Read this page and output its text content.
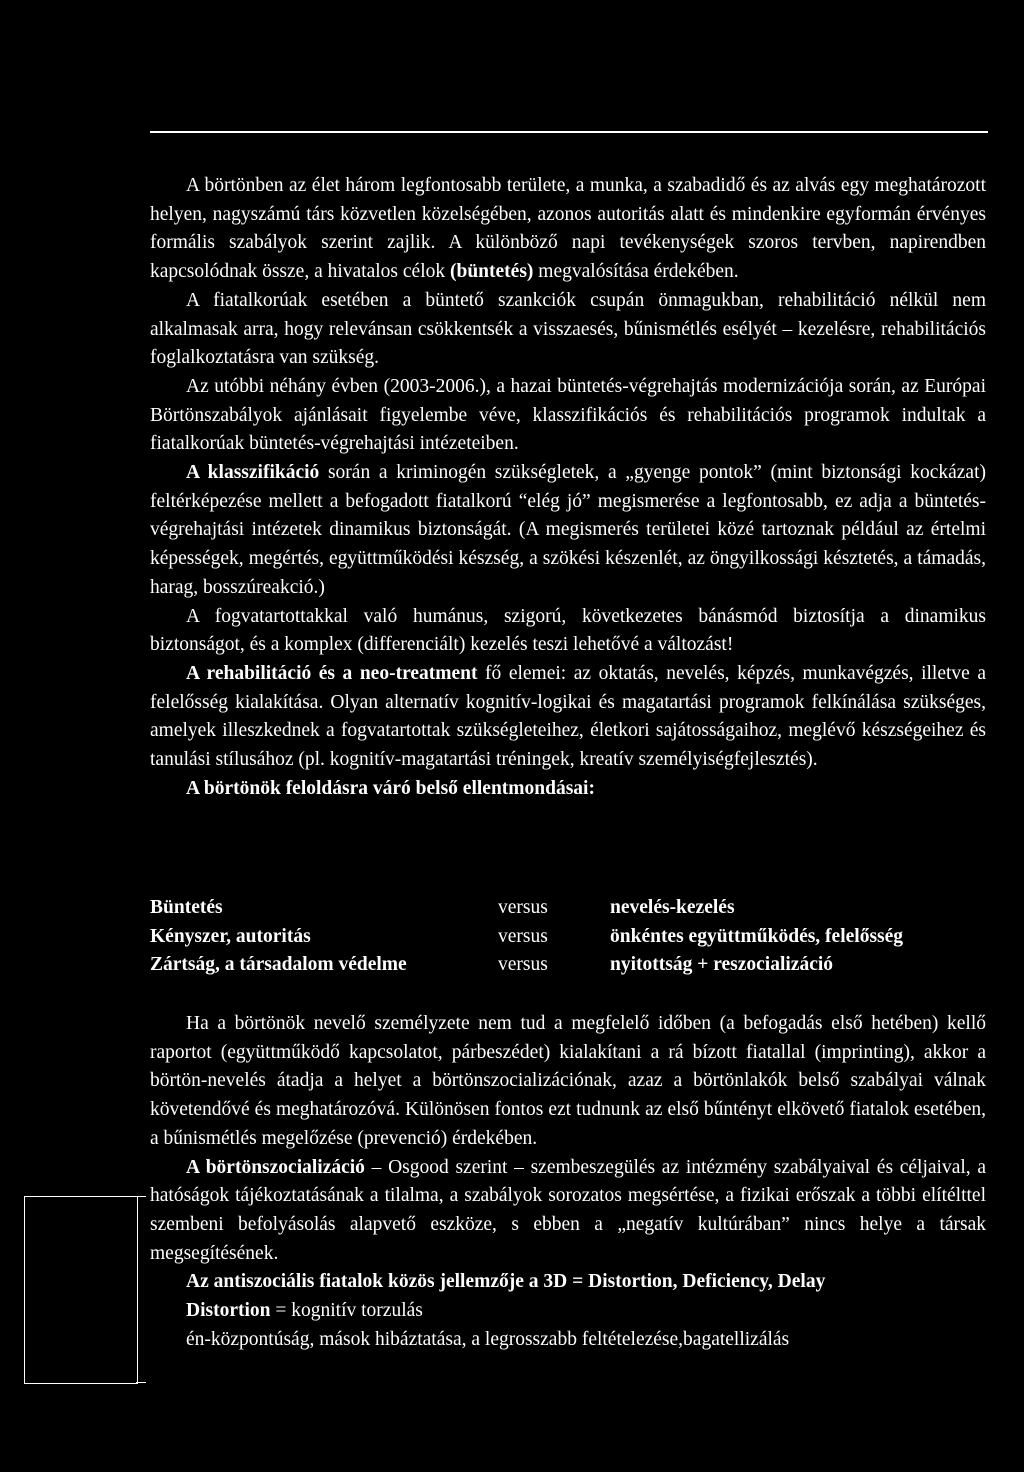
A börtönben az élet három legfontosabb területe, a munka, a szabadidő és az alvás egy meghatározott helyen, nagyszámú társ közvetlen közelségében, azonos autoritás alatt és mindenkire egyformán érvényes formális szabályok szerint zajlik. A különböző napi tevékenységek szoros tervben, napirendben kapcsolódnak össze, a hivatalos célok (büntetés) megvalósítása érdekében.

A fiatalkorúak esetében a büntető szankciók csupán önmagukban, rehabilitáció nélkül nem alkalmasak arra, hogy relevánsan csökkentsék a visszaesés, bűnismétlés esélyét – kezelésre, rehabilitációs foglalkoztatásra van szükség.

Az utóbbi néhány évben (2003-2006.), a hazai büntetés-végrehajtás modernizációja során, az Európai Börtönszabályok ajánlásait figyelembe véve, klasszifikációs és rehabilitációs programok indultak a fiatalkorúak büntetés-végrehajtási intézeteiben.

A klasszifikáció során a kriminogén szükségletek, a „gyenge pontok” (mint biztonsági kockázat) feltérképezése mellett a befogadott fiatalkorú “elég jó” megismerése a legfontosabb, ez adja a büntetés-végrehajtási intézetek dinamikus biztonságát. (A megismerés területei közé tartoznak például az értelmi képességek, megértés, együttműködési készség, a szökési készenlét, az öngyilkossági késztetés, a támadás, harag, bosszúreakció.)

A fogvatartottakkal való humánus, szigorú, következetes bánásmód biztosítja a dinamikus biztonságot, és a komplex (differenciált) kezelés teszi lehetővé a változást!

A rehabilitáció és a neo-treatment fő elemei: az oktatás, nevelés, képzés, munkavégzés, illetve a felelősség kialakítása. Olyan alternatív kognitív-logikai és magatartási programok felkínálása szükséges, amelyek illeszkednek a fogvatartottak szükségleteihez, életkori sajátosságaihoz, meglévő készségeihez és tanulási stílusához (pl. kognitív-magatartási tréningek, kreatív személyiségfejlesztés).

A börtönök feloldásra váró belső ellentmondásai:

Büntetés	versus	nevelés-kezelés
Kényszer, autoritás	versus	önkéntes együttműködés, felelősség
Zártság, a társadalom védelme	versus	nyitottság + reszocializáció

Ha a börtönök nevelő személyzete nem tud a megfelelő időben (a befogadás első hetében) kellő raportot (együttműködő kapcsolatot, párbeszédet) kialakítani a rá bízott fiatallal (imprinting), akkor a börtön-nevelés átadja a helyet a börtönszocializációnak, azaz a börtönlakók belső szabályai válnak követendővé és meghatározóvá. Különösen fontos ezt tudnunk az első bűntényt elkövető fiatalok esetében, a bűnismétlés megelőzése (prevenció) érdekében.

A börtönszocializáció – Osgood szerint – szembeszegülés az intézmény szabályaival és céljaival, a hatóságok tájékoztatásának a tilalma, a szabályok sorozatos megsértése, a fizikai erőszak a többi elítélttel szembeni befolyásolás alapvető eszköze, s ebben a „negatív kultúrában” nincs helye a társak megsegítésének.

Az antiszociális fiatalok közös jellemzője a 3D = Distortion, Deficiency, Delay

Distortion = kognitív torzulás

én-központúság, mások hibáztatása, a legrosszabb feltételezése,bagatellizálás
